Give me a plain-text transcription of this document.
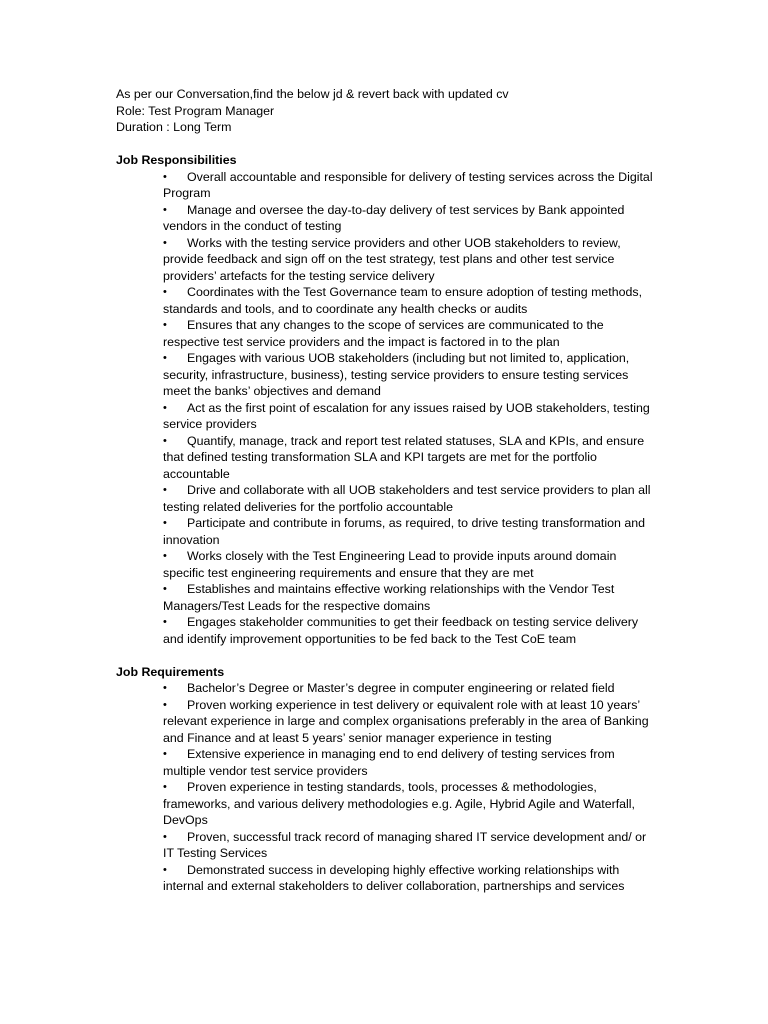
As per our Conversation,find the below jd & revert back with updated cv

Role: Test Program Manager

Duration : Long Term

Job Responsibilities
• Overall accountable and responsible for delivery of testing services across the Digital Program
• Manage and oversee the day-to-day delivery of test services by Bank appointed vendors in the conduct of testing
• Works with the testing service providers and other UOB stakeholders to review, provide feedback and sign off on the test strategy, test plans and other test service providers’ artefacts for the testing service delivery
• Coordinates with the Test Governance team to ensure adoption of testing methods, standards and tools, and to coordinate any health checks or audits
• Ensures that any changes to the scope of services are communicated to the respective test service providers and the impact is factored in to the plan
• Engages with various UOB stakeholders (including but not limited to, application, security, infrastructure, business), testing service providers to ensure testing services meet the banks’ objectives and demand
• Act as the first point of escalation for any issues raised by UOB stakeholders, testing service providers
• Quantify, manage, track and report test related statuses, SLA and KPIs, and ensure that defined testing transformation SLA and KPI targets are met for the portfolio accountable
• Drive and collaborate with all UOB stakeholders and test service providers to plan all testing related deliveries for the portfolio accountable
• Participate and contribute in forums, as required, to drive testing transformation and innovation
• Works closely with the Test Engineering Lead to provide inputs around domain specific test engineering requirements and ensure that they are met
• Establishes and maintains effective working relationships with the Vendor Test Managers/Test Leads for the respective domains
• Engages stakeholder communities to get their feedback on testing service delivery and identify improvement opportunities to be fed back to the Test CoE team
Job Requirements
• Bachelor’s Degree or Master’s degree in computer engineering or related field
• Proven working experience in test delivery or equivalent role with at least 10 years’ relevant experience in large and complex organisations preferably in the area of Banking and Finance and at least 5 years’ senior manager experience in testing
• Extensive experience in managing end to end delivery of testing services from multiple vendor test service providers
• Proven experience in testing standards, tools, processes & methodologies, frameworks, and various delivery methodologies e.g. Agile, Hybrid Agile and Waterfall, DevOps
• Proven, successful track record of managing shared IT service development and/ or IT Testing Services
• Demonstrated success in developing highly effective working relationships with internal and external stakeholders to deliver collaboration, partnerships and services
